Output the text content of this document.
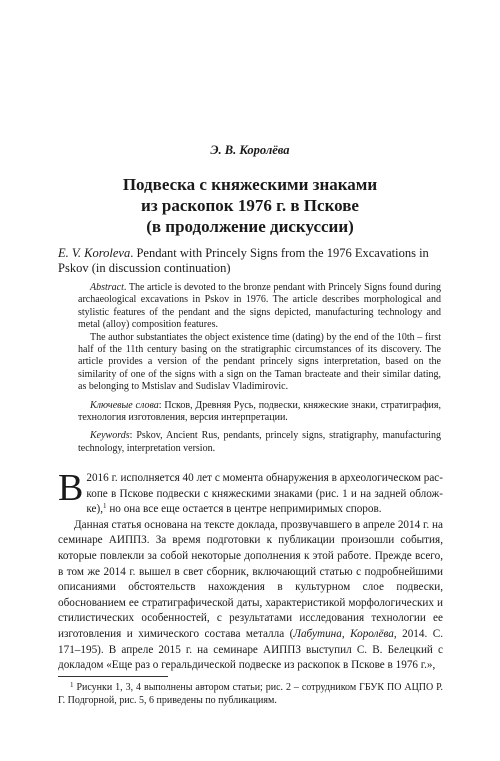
Э. В. Королёва
Подвеска с княжескими знаками
из раскопок 1976 г. в Пскове
(в продолжение дискуссии)
E. V. Koroleva. Pendant with Princely Signs from the 1976 Excavations in Pskov (in discussion continuation)

Abstract. The article is devoted to the bronze pendant with Princely Signs found during archaeological excavations in Pskov in 1976. The article describes morphological and stylistic features of the pendant and the signs depicted, manufacturing technology and metal (alloy) composition features.

The author substantiates the object existence time (dating) by the end of the 10th – first half of the 11th century basing on the stratigraphic circumstances of its discovery. The article provides a version of the pendant princely signs interpretation, based on the similarity of one of the signs with a sign on the Taman bracteate and their similar dating, as belonging to Mstislav and Sudislav Vladimirovic.

Ключевые слова: Псков, Древняя Русь, подвески, княжеские знаки, стратиграфия, технология изготовления, версия интерпретации.

Keywords: Pskov, Ancient Rus, pendants, princely signs, stratigraphy, manufacturing technology, interpretation version.

В 2016 г. исполняется 40 лет с момента обнаружения в археологическом раскопе в Пскове подвески с княжескими знаками (рис. 1 и на задней обложке),$^1$ но она все еще остается в центре непримиримых споров.

Данная статья основана на тексте доклада, прозвучавшего в апреле 2014 г. на семинаре АИППЗ. За время подготовки к публикации произошли события, которые повлекли за собой некоторые дополнения к этой работе. Прежде всего, в том же 2014 г. вышел в свет сборник, включающий статью с подробнейшими описаниями обстоятельств нахождения в культурном слое подвески, обоснованием ее стратиграфической даты, характеристикой морфологических и стилистических особенностей, с результатами исследования технологии ее изготовления и химического состава металла (Лабутина, Королёва, 2014. С. 171–195). В апреле 2015 г. на семинаре АИППЗ выступил С. В. Белецкий с докладом «Еще раз о геральдической подвеске из раскопок в Пскове в 1976 г.»,

$^1$ Рисунки 1, 3, 4 выполнены автором статьи; рис. 2 – сотрудником ГБУК ПО АЦПО Р. Г. Подгорной, рис. 5, 6 приведены по публикациям.
